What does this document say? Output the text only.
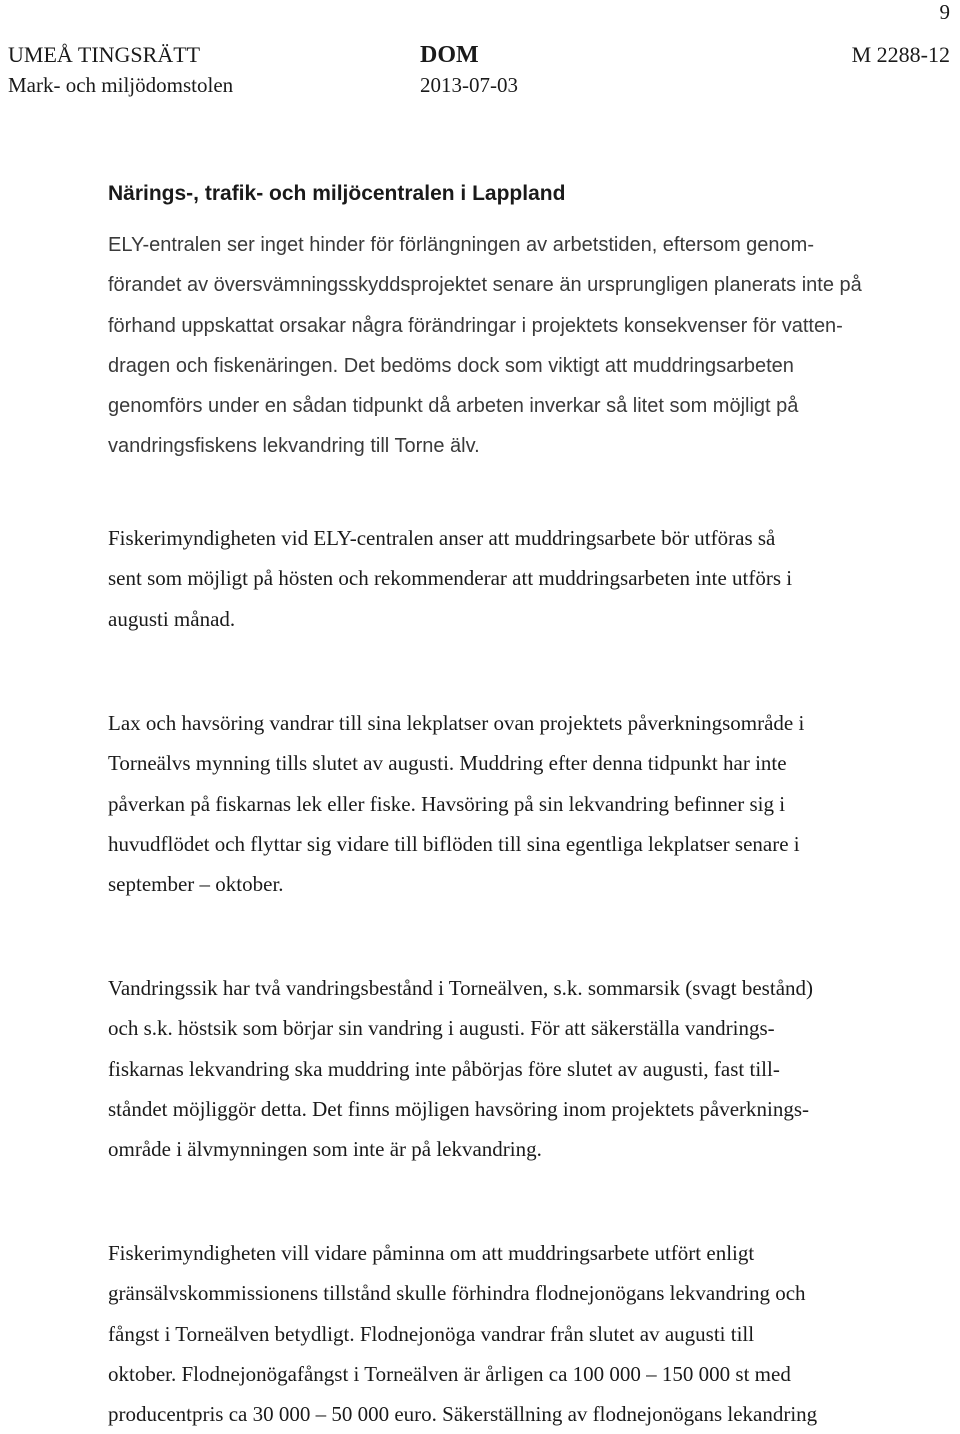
9
UMEÅ TINGSRÄTT
Mark- och miljödomstolen
DOM
2013-07-03
M 2288-12
Närings-, trafik- och miljöcentralen i Lappland
ELY-entralen ser inget hinder för förlängningen av arbetstiden, eftersom genom-
förandet av översvämningsskyddsprojektet senare än ursprungligen planerats inte på
förhand uppskattat orsakar några förändringar i projektets konsekvenser för vatten-
dragen och fiskenäringen. Det bedöms dock som viktigt att muddringsarbeten
genomförs under en sådan tidpunkt då arbeten inverkar så litet som möjligt på
vandringsfiskens lekvandring till Torne älv.
Fiskerimyndigheten vid ELY-centralen anser att muddringsarbete bör utföras så
sent som möjligt på hösten och rekommenderar att muddringsarbeten inte utförs i
augusti månad.
Lax och havsöring vandrar till sina lekplatser ovan projektets påverkningsområde i
Torneälvs mynning tills slutet av augusti. Muddring efter denna tidpunkt har inte
påverkan på fiskarnas lek eller fiske. Havsöring på sin lekvandring befinner sig i
huvudflödet och flyttar sig vidare till biflöden till sina egentliga lekplatser senare i
september – oktober.
Vandringssik har två vandringsbestånd i Torneälven, s.k. sommarsik (svagt bestånd)
och s.k. höstsik som börjar sin vandring i augusti. För att säkerställa vandrings-
fiskarnas lekvandring ska muddring inte påbörjas före slutet av augusti, fast till-
ståndet möjliggör detta. Det finns möjligen havsöring inom projektets påverknings-
område i älvmynningen som inte är på lekvandring.
Fiskerimyndigheten vill vidare påminna om att muddringsarbete utfört enligt
gränsälvskommissionens tillstånd skulle förhindra flodnejonögans lekvandring och
fångst i Torneälven betydligt. Flodnejonöga vandrar från slutet av augusti till
oktober. Flodnejonögafångst i Torneälven är årligen ca 100 000 – 150 000 st med
producentpris ca 30 000 – 50 000 euro. Säkerställning av flodnejonögans lekandring
